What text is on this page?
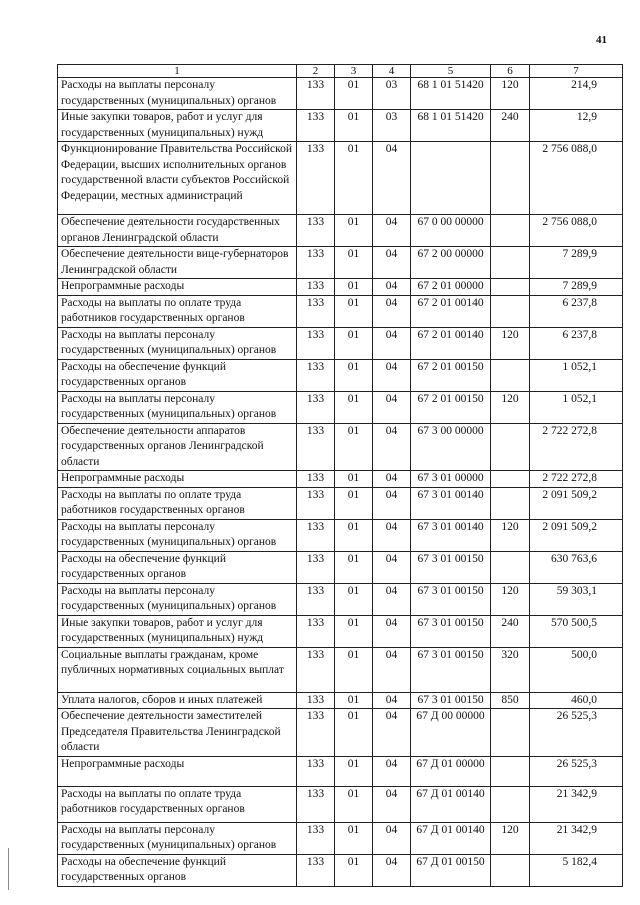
41
1	2	3	4	5	6	7
Расходы на выплаты персоналу государственных (муниципальных) органов	133	01	03	68 1 01 51420	120	214,9
Иные закупки товаров, работ и услуг для государственных (муниципальных) нужд	133	01	03	68 1 01 51420	240	12,9
Функционирование Правительства Российской Федерации, высших исполнительных органов государственной власти субъектов Российской Федерации, местных администраций	133	01	04			2 756 088,0
Обеспечение деятельности государственных органов Ленинградской области	133	01	04	67 0 00 00000		2 756 088,0
Обеспечение деятельности вице-губернаторов Ленинградской области	133	01	04	67 2 00 00000		7 289,9
Непрограммные расходы	133	01	04	67 2 01 00000		7 289,9
Расходы на выплаты по оплате труда работников государственных органов	133	01	04	67 2 01 00140		6 237,8
Расходы на выплаты персоналу государственных (муниципальных) органов	133	01	04	67 2 01 00140	120	6 237,8
Расходы на обеспечение функций государственных органов	133	01	04	67 2 01 00150		1 052,1
Расходы на выплаты персоналу государственных (муниципальных) органов	133	01	04	67 2 01 00150	120	1 052,1
Обеспечение деятельности аппаратов государственных органов Ленинградской области	133	01	04	67 3 00 00000		2 722 272,8
Непрограммные расходы	133	01	04	67 3 01 00000		2 722 272,8
Расходы на выплаты по оплате труда работников государственных органов	133	01	04	67 3 01 00140		2 091 509,2
Расходы на выплаты персоналу государственных (муниципальных) органов	133	01	04	67 3 01 00140	120	2 091 509,2
Расходы на обеспечение функций государственных органов	133	01	04	67 3 01 00150		630 763,6
Расходы на выплаты персоналу государственных (муниципальных) органов	133	01	04	67 3 01 00150	120	59 303,1
Иные закупки товаров, работ и услуг для государственных (муниципальных) нужд	133	01	04	67 3 01 00150	240	570 500,5
Социальные выплаты гражданам, кроме публичных нормативных социальных выплат	133	01	04	67 3 01 00150	320	500,0
Уплата налогов, сборов и иных платежей	133	01	04	67 3 01 00150	850	460,0
Обеспечение деятельности заместителей Председателя Правительства Ленинградской области	133	01	04	67 Д 00 00000		26 525,3
Непрограммные расходы	133	01	04	67 Д 01 00000		26 525,3
Расходы на выплаты по оплате труда работников государственных органов	133	01	04	67 Д 01 00140		21 342,9
Расходы на выплаты персоналу государственных (муниципальных) органов	133	01	04	67 Д 01 00140	120	21 342,9
Расходы на обеспечение функций государственных органов	133	01	04	67 Д 01 00150		5 182,4
